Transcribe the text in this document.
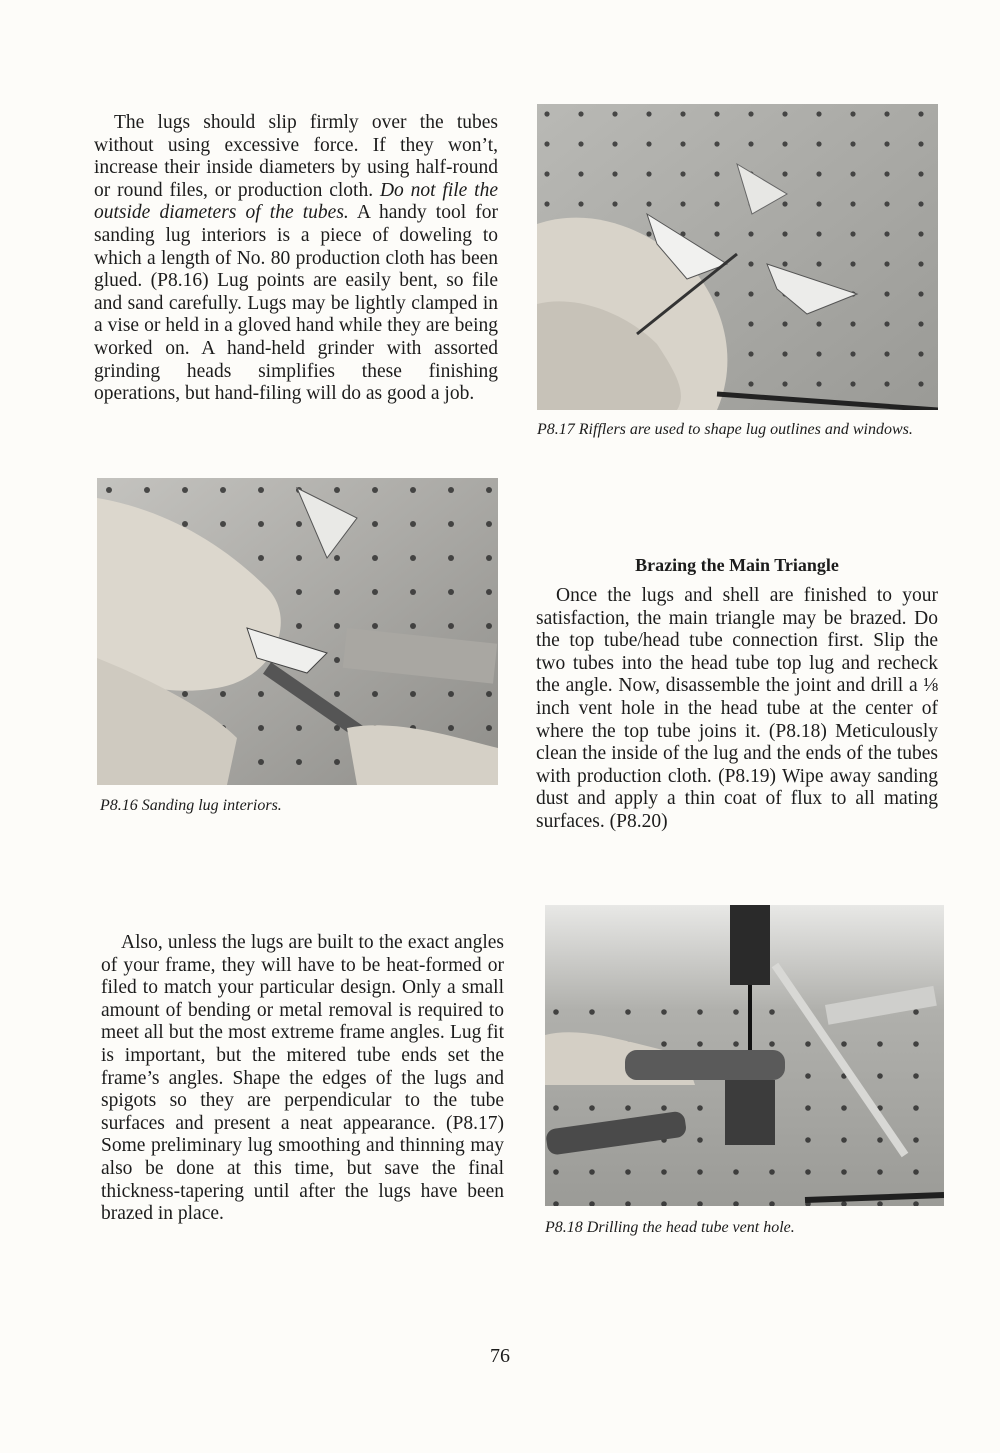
The lugs should slip firmly over the tubes without using excessive force. If they won’t, increase their inside diameters by using half-round or round files, or production cloth. Do not file the outside diameters of the tubes. A handy tool for sanding lug interiors is a piece of doweling to which a length of No. 80 production cloth has been glued. (P8.16) Lug points are easily bent, so file and sand carefully. Lugs may be lightly clamped in a vise or held in a gloved hand while they are being worked on. A hand-held grinder with assorted grinding heads simplifies these finishing operations, but hand-filing will do as good a job.

P8.17 Rifflers are used to shape lug outlines and windows.

P8.16 Sanding lug interiors.

Brazing the Main Triangle

Once the lugs and shell are finished to your satisfaction, the main triangle may be brazed. Do the top tube/head tube connection first. Slip the two tubes into the head tube top lug and recheck the angle. Now, disassemble the joint and drill a ⅛ inch vent hole in the head tube at the center of where the top tube joins it. (P8.18) Meticulously clean the inside of the lug and the ends of the tubes with production cloth. (P8.19) Wipe away sanding dust and apply a thin coat of flux to all mating surfaces. (P8.20)

Also, unless the lugs are built to the exact angles of your frame, they will have to be heat-formed or filed to match your particular design. Only a small amount of bending or metal removal is required to meet all but the most extreme frame angles. Lug fit is important, but the mitered tube ends set the frame’s angles. Shape the edges of the lugs and spigots so they are perpendicular to the tube surfaces and present a neat appearance. (P8.17) Some preliminary lug smoothing and thinning may also be done at this time, but save the final thickness-tapering until after the lugs have been brazed in place.

P8.18 Drilling the head tube vent hole.

76
